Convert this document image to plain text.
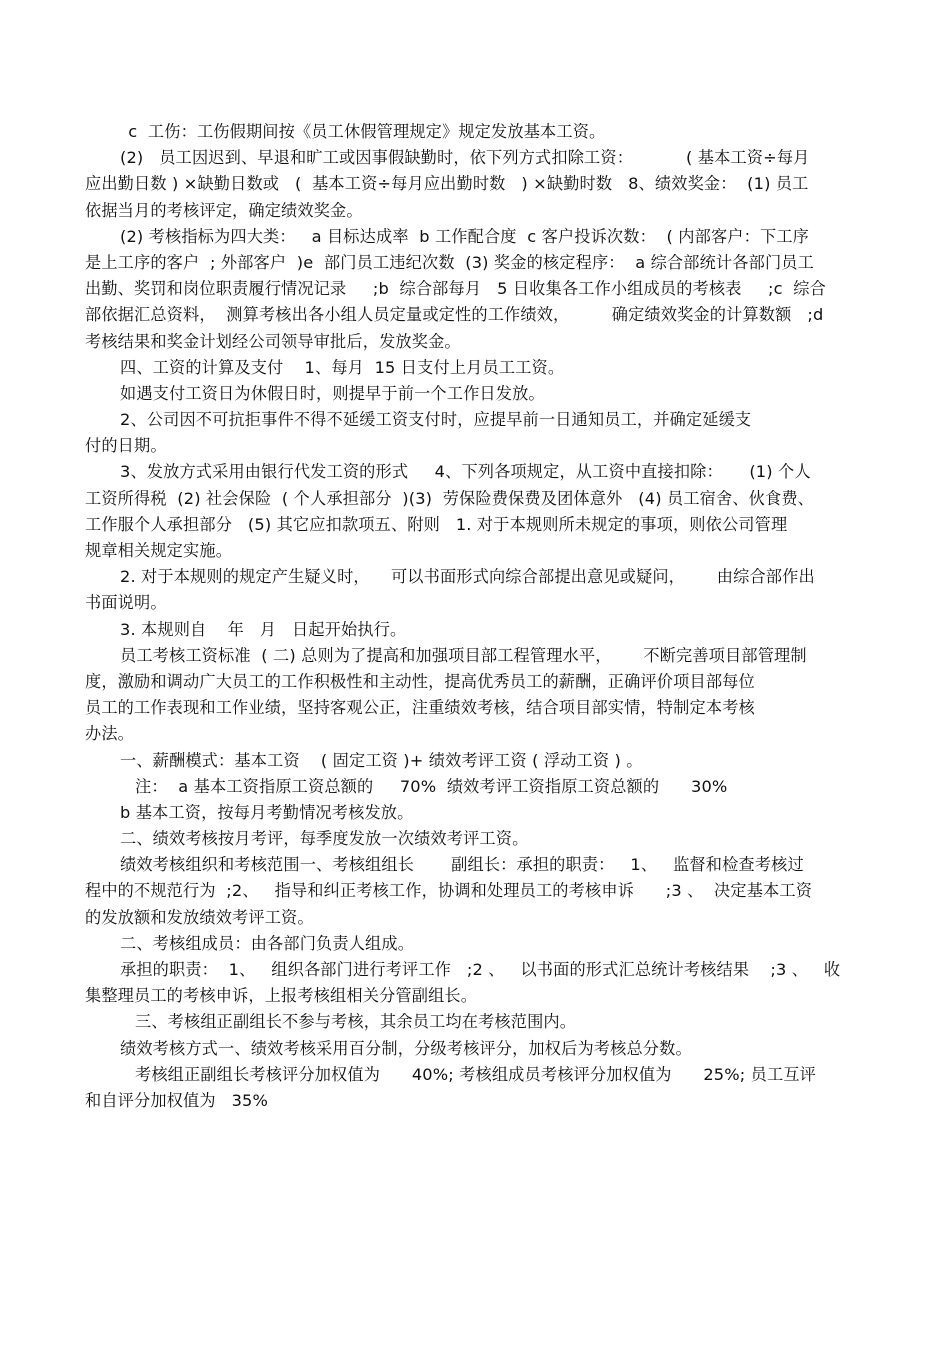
c  工伤：工伤假期间按《员工休假管理规定》规定发放基本工资。
(2)   员工因迟到、早退和旷工或因事假缺勤时，依下列方式扣除工资：          ( 基本工资÷每月
应出勤日数 ) ×缺勤日数或   (  基本工资÷每月应出勤时数   ) ×缺勤时数   8、绩效奖金：  (1) 员工
依据当月的考核评定，确定绩效奖金。
(2) 考核指标为四大类：   a 目标达成率  b 工作配合度  c 客户投诉次数：  ( 内部客户：下工序
是上工序的客户  ; 外部客户  )e  部门员工违纪次数  (3) 奖金的核定程序：  a 综合部统计各部门员工
出勤、奖罚和岗位职责履行情况记录     ;b  综合部每月   5 日收集各工作小组成员的考核表     ;c  综合
部依据汇总资料，  测算考核出各小组人员定量或定性的工作绩效，        确定绩效奖金的计算数额   ;d
考核结果和奖金计划经公司领导审批后，发放奖金。
四、工资的计算及支付    1、每月  15 日支付上月员工工资。
如遇支付工资日为休假日时，则提早于前一个工作日发放。
2、公司因不可抗拒事件不得不延缓工资支付时，应提早前一日通知员工，并确定延缓支
付的日期。
3、发放方式采用由银行代发工资的形式     4、下列各项规定，从工资中直接扣除：     (1) 个人
工资所得税  (2) 社会保险  ( 个人承担部分  )(3)  劳保险费保费及团体意外   (4) 员工宿舍、伙食费、
工作服个人承担部分   (5) 其它应扣款项五、附则   1. 对于本规则所未规定的事项，则依公司管理
规章相关规定实施。
2. 对于本规则的规定产生疑义时，    可以书面形式向综合部提出意见或疑问，      由综合部作出
书面说明。
3. 本规则自    年   月   日起开始执行。
员工考核工资标准  ( 二) 总则为了提高和加强项目部工程管理水平，      不断完善项目部管理制
度，激励和调动广大员工的工作积极性和主动性，提高优秀员工的薪酬，正确评价项目部每位
员工的工作表现和工作业绩，坚持客观公正，注重绩效考核，结合项目部实情，特制定本考核
办法。
一、薪酬模式：基本工资    ( 固定工资 )+ 绩效考评工资 ( 浮动工资 ) 。
注：  a 基本工资指原工资总额的     70%  绩效考评工资指原工资总额的      30%
b 基本工资，按每月考勤情况考核发放。
二、绩效考核按月考评，每季度发放一次绩效考评工资。
绩效考核组织和考核范围一、考核组组长       副组长：承担的职责：   1、   监督和检查考核过
程中的不规范行为  ;2、   指导和纠正考核工作，协调和处理员工的考核申诉      ;3 、  决定基本工资
的发放额和发放绩效考评工资。
二、考核组成员：由各部门负责人组成。
承担的职责：  1、   组织各部门进行考评工作   ;2 、   以书面的形式汇总统计考核结果    ;3 、   收
集整理员工的考核申诉，上报考核组相关分管副组长。
三、考核组正副组长不参与考核，其余员工均在考核范围内。
绩效考核方式一、绩效考核采用百分制，分级考核评分，加权后为考核总分数。
考核组正副组长考核评分加权值为      40%; 考核组成员考核评分加权值为      25%; 员工互评
和自评分加权值为   35%
